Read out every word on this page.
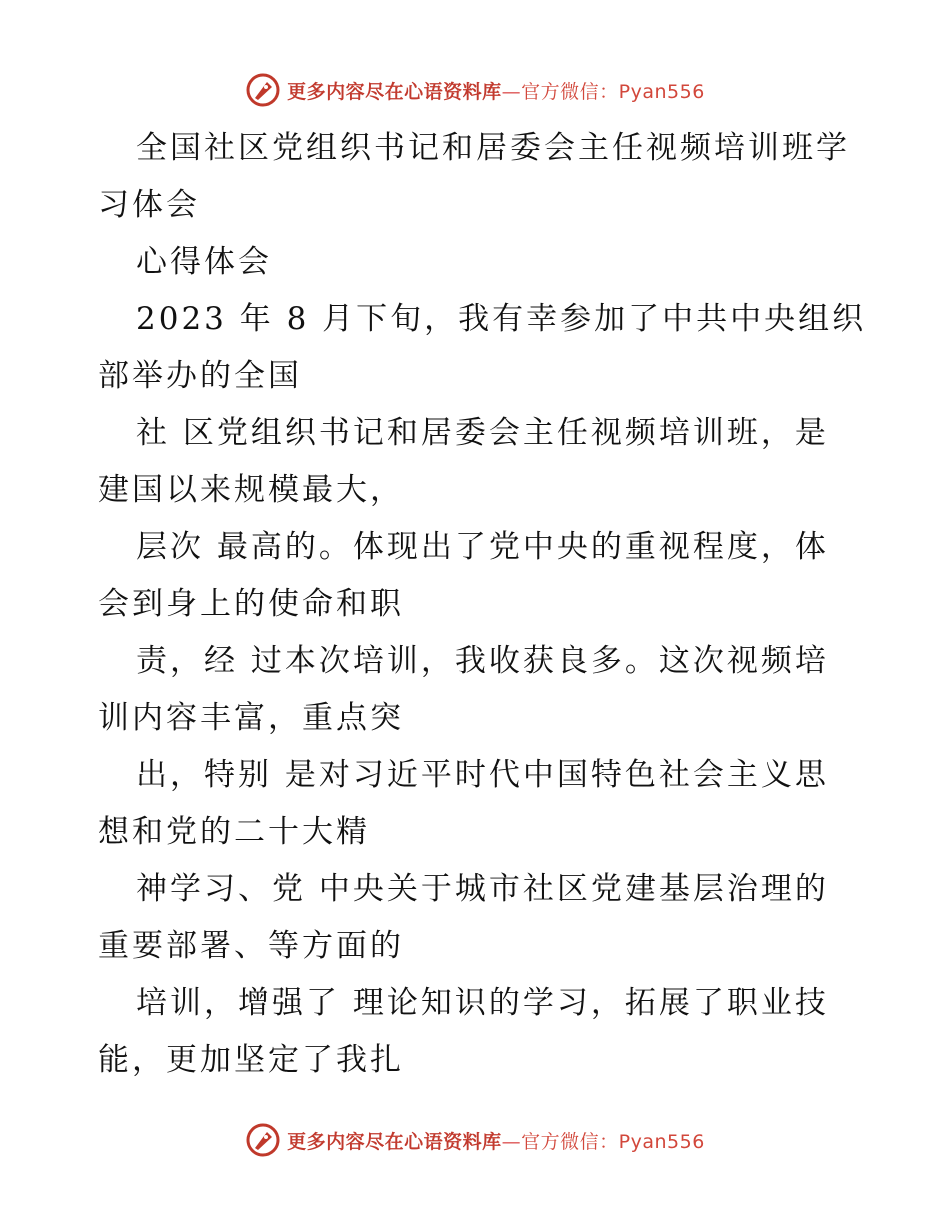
更多内容尽在心语资料库—官方微信：Pyan556
全国社区党组织书记和居委会主任视频培训班学
习体会
心得体会
2023 年 8 月下旬，我有幸参加了中共中央组织
部举办的全国
社 区党组织书记和居委会主任视频培训班，是
建国以来规模最大，
层次 最高的。体现出了党中央的重视程度，体
会到身上的使命和职
责，经 过本次培训，我收获良多。这次视频培
训内容丰富，重点突
出，特别 是对习近平时代中国特色社会主义思
想和党的二十大精
神学习、党 中央关于城市社区党建基层治理的
重要部署、等方面的
培训，增强了 理论知识的学习，拓展了职业技
能，更加坚定了我扎
更多内容尽在心语资料库—官方微信：Pyan556
